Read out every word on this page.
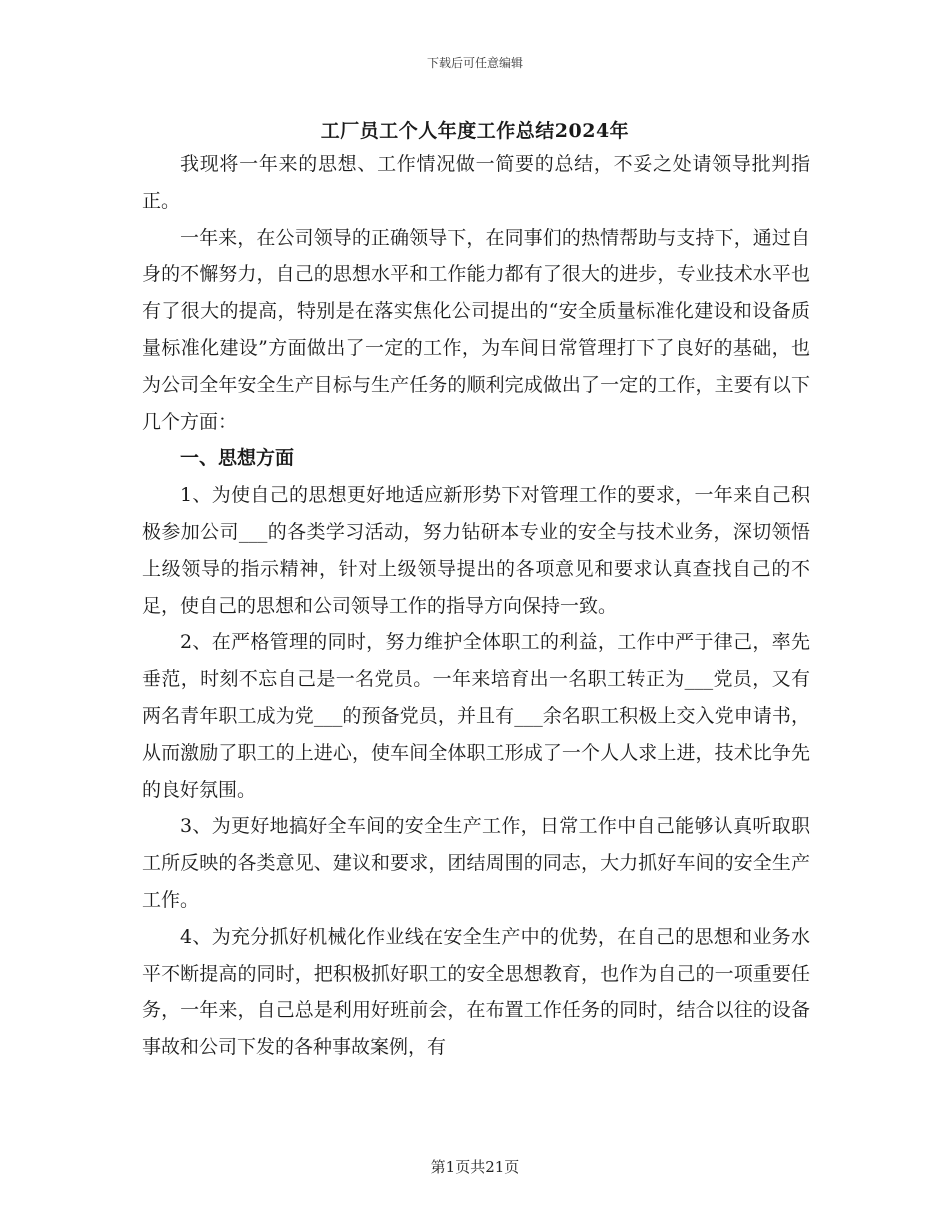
下载后可任意编辑
工厂员工个人年度工作总结2024年

我现将一年来的思想、工作情况做一简要的总结，不妥之处请领导批判指正。

一年来，在公司领导的正确领导下，在同事们的热情帮助与支持下，通过自身的不懈努力，自己的思想水平和工作能力都有了很大的进步，专业技术水平也有了很大的提高，特别是在落实焦化公司提出的“安全质量标准化建设和设备质量标准化建设”方面做出了一定的工作，为车间日常管理打下了良好的基础，也为公司全年安全生产目标与生产任务的顺利完成做出了一定的工作，主要有以下几个方面：

一、思想方面

1、为使自己的思想更好地适应新形势下对管理工作的要求，一年来自己积极参加公司___的各类学习活动，努力钻研本专业的安全与技术业务，深切领悟上级领导的指示精神，针对上级领导提出的各项意见和要求认真查找自己的不足，使自己的思想和公司领导工作的指导方向保持一致。

2、在严格管理的同时，努力维护全体职工的利益，工作中严于律己，率先垂范，时刻不忘自己是一名党员。一年来培育出一名职工转正为___党员，又有两名青年职工成为党___的预备党员，并且有___余名职工积极上交入党申请书，从而激励了职工的上进心，使车间全体职工形成了一个人人求上进，技术比争先的良好氛围。

3、为更好地搞好全车间的安全生产工作，日常工作中自己能够认真听取职工所反映的各类意见、建议和要求，团结周围的同志，大力抓好车间的安全生产工作。

4、为充分抓好机械化作业线在安全生产中的优势，在自己的思想和业务水平不断提高的同时，把积极抓好职工的安全思想教育，也作为自己的一项重要任务，一年来，自己总是利用好班前会，在布置工作任务的同时，结合以往的设备事故和公司下发的各种事故案例，有

第1页共21页
